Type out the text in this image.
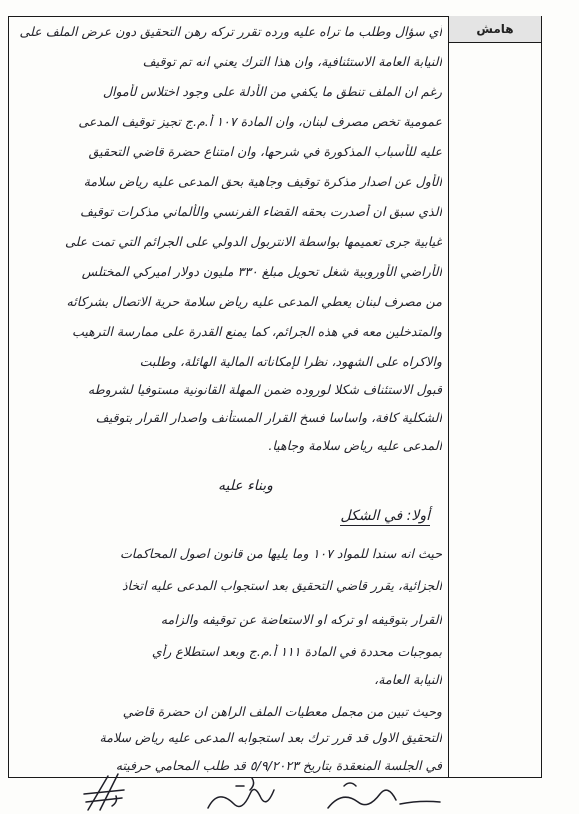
هامش
أي سؤال وطلب ما تراه عليه ورده تقرر تركه رهن التحقيق دون عرض الملف على
النيابة العامة الاستئنافية، وان هذا الترك يعني انه تم توقيف
رغم ان الملف تنطق ما يكفي من الأدلة على وجود اختلاس لأموال
عمومية تخص مصرف لبنان، وان المادة ١٠٧ أ.م.ج تجيز توقيف المدعى
عليه للأسباب المذكورة في شرحها، وان امتناع حضرة قاضي التحقيق
الأول عن اصدار مذكرة توقيف وجاهية بحق المدعى عليه رياض سلامة
الذي سبق ان أصدرت بحقه القضاء الفرنسي والألماني مذكرات توقيف
غيابية جرى تعميمها بواسطة الانتربول الدولي على الجرائم التي تمت على
الأراضي الأوروبية شغل تحويل مبلغ ٣٣٠ مليون دولار اميركي المختلس
من مصرف لبنان يعطي المدعى عليه رياض سلامة حرية الاتصال بشركائه
والمتدخلين معه في هذه الجرائم، كما يمنع القدرة على ممارسة الترهيب
والاكراه على الشهود، نظرا لإمكاناته المالية الهائلة، وطلبت
قبول الاستئناف شكلا لوروده ضمن المهلة القانونية مستوفيا لشروطه
الشكلية كافة، واساسا فسخ القرار المستأنف واصدار القرار بتوقيف
المدعى عليه رياض سلامة وجاهيا.
وبناء عليه
أولا: في الشكل
حيث انه سندا للمواد ١٠٧ وما يليها من قانون اصول المحاكمات
الجزائية، يقرر قاضي التحقيق بعد استجواب المدعى عليه اتخاذ
القرار بتوقيفه او تركه او الاستعاضة عن توقيفه والزامه
بموجبات محددة في المادة ١١١ أ.م.ج وبعد استطلاع رأي
النيابة العامة،
وحيث تبين من مجمل معطيات الملف الراهن ان حضرة قاضي
التحقيق الاول قد قرر ترك بعد استجوابه المدعى عليه رياض سلامة
في الجلسة المنعقدة بتاريخ ٥/٩/٢٠٢٣ قد طلب المحامي حرفيته
